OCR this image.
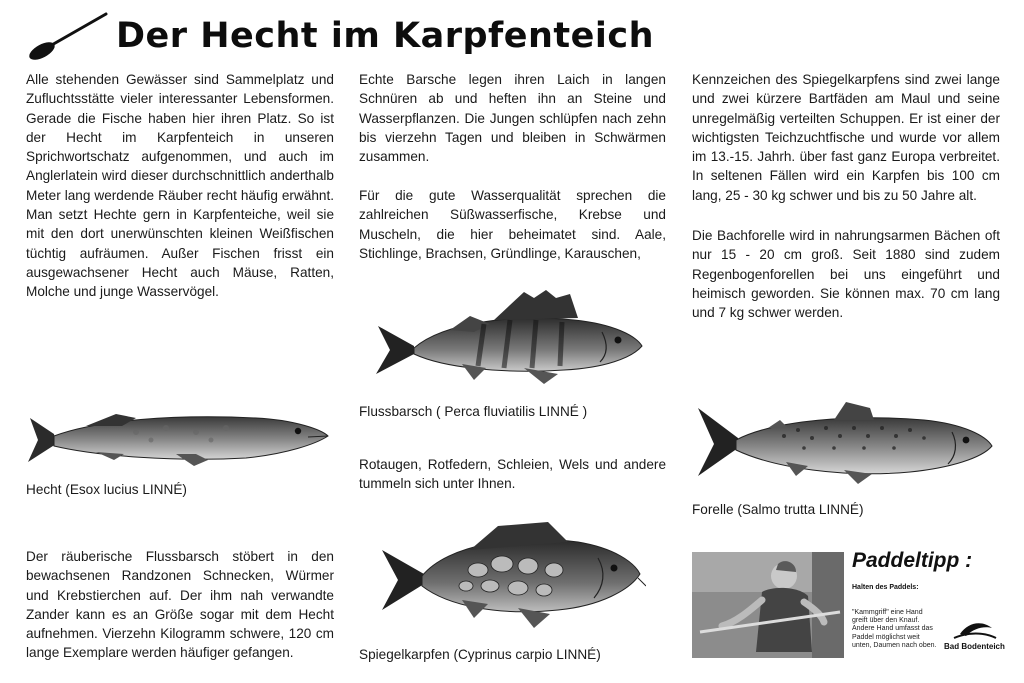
Der Hecht im Karpfenteich
Alle stehenden Gewässer sind Sammelplatz und Zufluchtsstätte vieler interessanter Lebensformen. Gerade die Fische haben hier ihren Platz. So ist der Hecht im Karpfenteich in unseren Sprichwortschatz aufgenommen, und auch im Anglerlatein wird dieser durchschnittlich anderthalb Meter lang werdende Räuber recht häufig erwähnt. Man setzt Hechte gern in Karpfenteiche, weil sie mit den dort unerwünschten kleinen Weißfischen tüchtig aufräumen. Außer Fischen frisst ein ausgewachsener Hecht auch Mäuse, Ratten, Molche und junge Wasservögel.
Hecht (Esox lucius LINNÉ)
Der räuberische Flussbarsch stöbert in den bewachsenen Randzonen Schnecken, Würmer und Krebstierchen auf. Der ihm nah verwandte Zander kann es an Größe sogar mit dem Hecht aufnehmen. Vierzehn Kilogramm schwere, 120 cm lange Exemplare werden häufiger gefangen.
Echte Barsche legen ihren Laich in langen Schnüren ab und heften ihn an Steine und Wasserpflanzen. Die Jungen schlüpfen nach zehn bis vierzehn Tagen und bleiben in Schwärmen zusammen.
Für die gute Wasserqualität sprechen die zahlreichen Süßwasserfische, Krebse und Muscheln, die hier beheimatet sind. Aale, Stichlinge, Brachsen, Gründlinge, Karauschen,
Flussbarsch ( Perca fluviatilis LINNÉ )
Rotaugen, Rotfedern, Schleien, Wels und andere tummeln sich unter Ihnen.
Spiegelkarpfen (Cyprinus carpio LINNÉ)
Kennzeichen des Spiegelkarpfens sind zwei lange und zwei kürzere Bartfäden am Maul und seine unregelmäßig verteilten Schuppen. Er ist einer der wichtigsten Teichzuchtfische und wurde vor allem im 13.-15. Jahrh. über fast ganz Europa verbreitet. In seltenen Fällen wird ein Karpfen bis 100 cm lang, 25 - 30 kg schwer und bis zu 50 Jahre alt.
Die Bachforelle wird in nahrungsarmen Bächen oft nur 15 - 20 cm groß. Seit 1880 sind zudem Regenbogenforellen bei uns eingeführt und heimisch geworden. Sie können max. 70 cm lang und 7 kg schwer werden.
Forelle (Salmo trutta LINNÉ)
Paddeltipp :
Halten des Paddels:
"Kammgriff" eine Hand greift über den Knauf. Andere Hand umfasst das Paddel möglichst weit unten, Daumen nach oben. Bad Bodenteich
